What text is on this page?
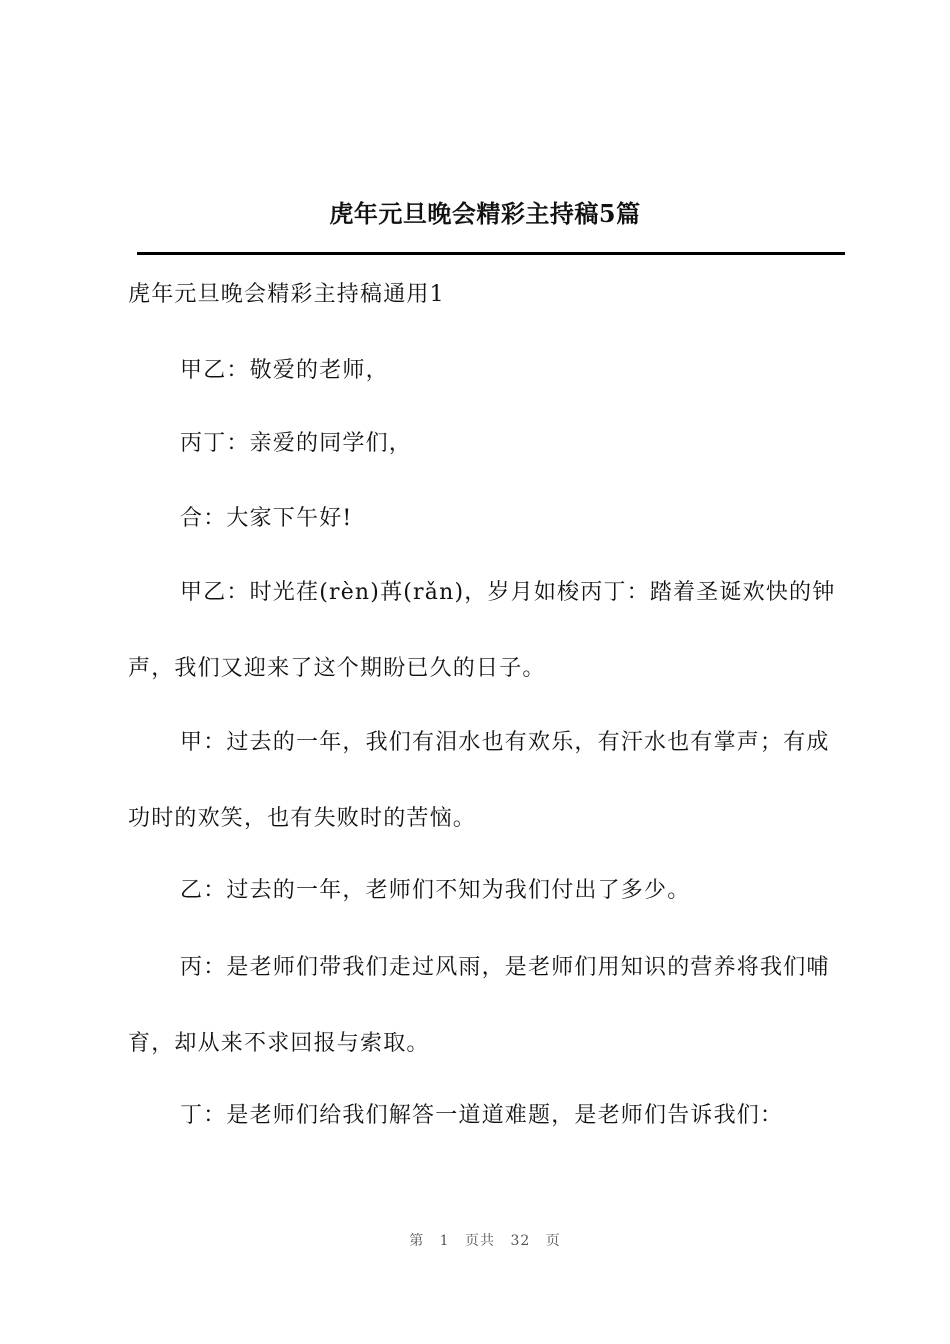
虎年元旦晚会精彩主持稿5篇

虎年元旦晚会精彩主持稿通用1

甲乙：敬爱的老师，

丙丁：亲爱的同学们，

合：大家下午好!

甲乙：时光荏(rèn)苒(rǎn)，岁月如梭丙丁：踏着圣诞欢快的钟声，我们又迎来了这个期盼已久的日子。

甲：过去的一年，我们有泪水也有欢乐，有汗水也有掌声；有成功时的欢笑，也有失败时的苦恼。

乙：过去的一年，老师们不知为我们付出了多少。

丙：是老师们带我们走过风雨，是老师们用知识的营养将我们哺育，却从来不求回报与索取。

丁：是老师们给我们解答一道道难题，是老师们告诉我们：

第 1 页共 32 页
